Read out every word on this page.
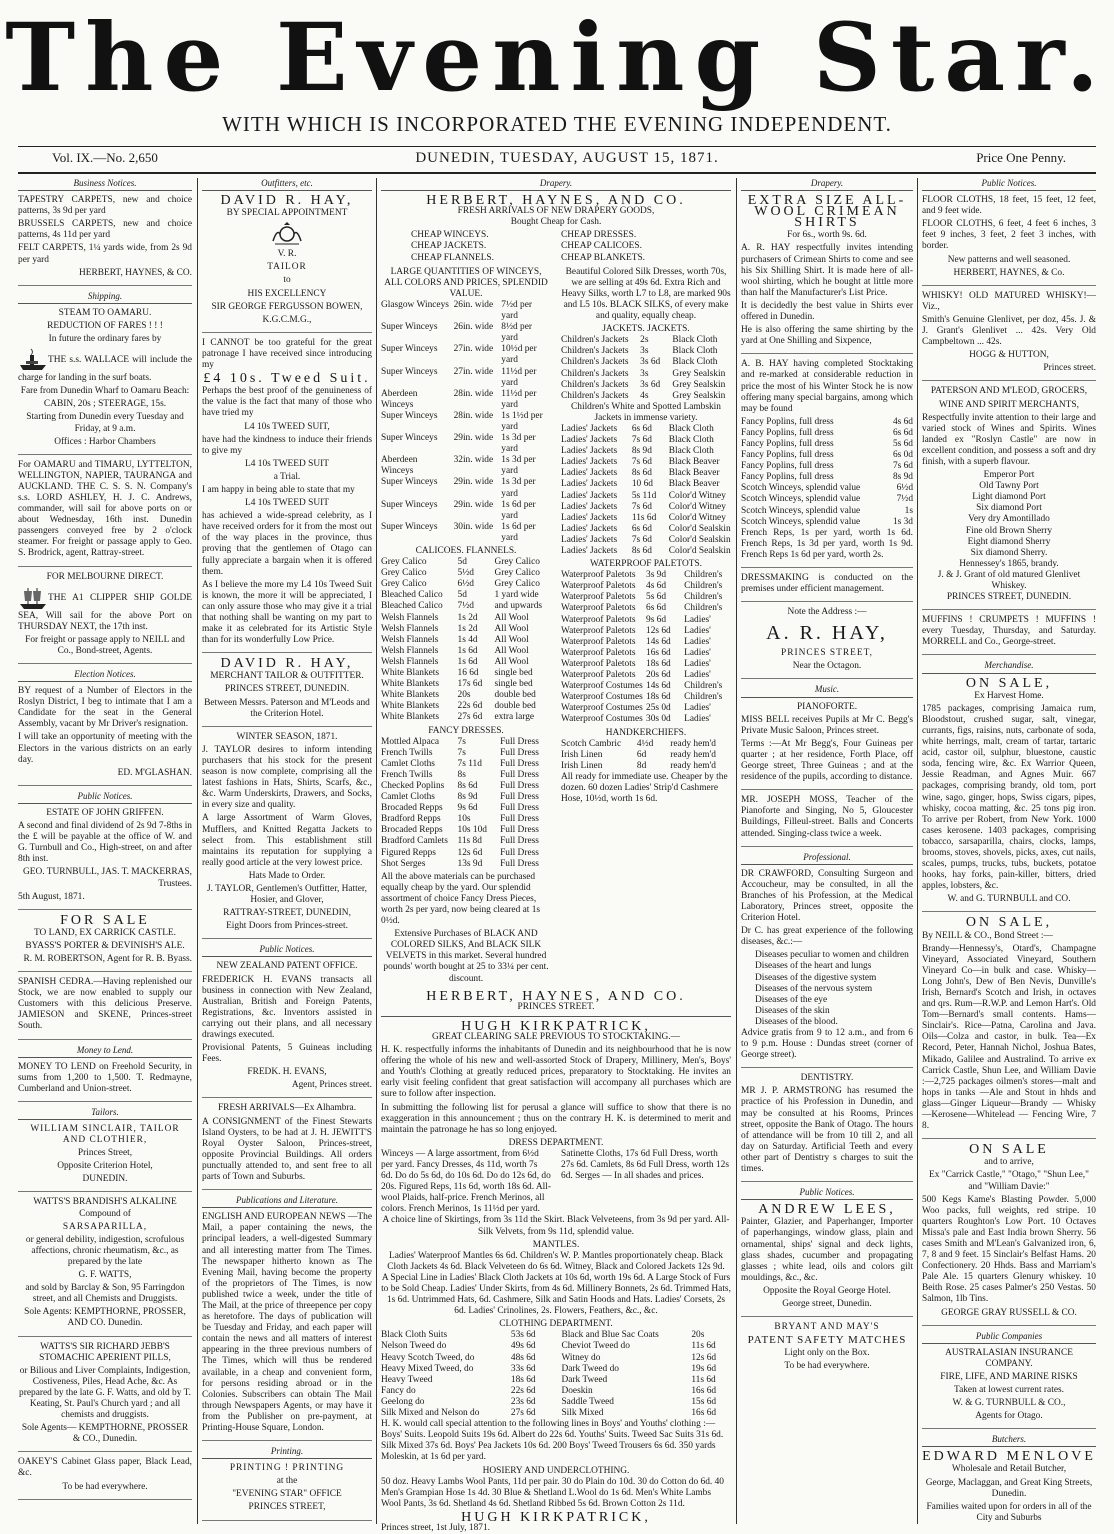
The Evening Star.
WITH WHICH IS INCORPORATED THE EVENING INDEPENDENT.
Vol. IX.—No. 2,650	DUNEDIN, TUESDAY, AUGUST 15, 1871.	Price One Penny.
Business Notices.

TAPESTRY CARPETS, new and choice patterns, 3s 9d per yard

BRUSSELS CARPETS, new and choice patterns, 4s 11d per yard

FELT CARPETS, 1¼ yards wide, from 2s 9d per yard

HERBERT, HAYNES, & CO.

Shipping.

STEAM TO OAMARU.

REDUCTION OF FARES ! ! !

In future the ordinary fares by

THE s.s. WALLACE will include the charge for landing in the surf boats.

Fare from Dunedin Wharf to Oamaru Beach:

CABIN, 20s ; STEERAGE, 15s.

Starting from Dunedin every Tuesday and Friday, at 9 a.m.

Offices : Harbor Chambers

For OAMARU and TIMARU, LYTTELTON, WELLINGTON, NAPIER, TAURANGA and AUCKLAND. THE C. S. S. N. Company's s.s. LORD ASHLEY, H. J. C. Andrews, commander, will sail for above ports on or about Wednesday, 16th inst. Dunedin passengers conveyed free by 2 o'clock steamer. For freight or passage apply to Geo. S. Brodrick, agent, Rattray-street.

FOR MELBOURNE DIRECT.

THE A1 CLIPPER SHIP GOLDE SEA, Will sail for the above Port on THURSDAY NEXT, the 17th inst.

For freight or passage apply to NEILL and Co., Bond-street, Agents.

Election Notices.

BY request of a Number of Electors in the Roslyn District, I beg to intimate that I am a Candidate for the seat in the General Assembly, vacant by Mr Driver's resignation.

I will take an opportunity of meeting with the Electors in the various districts on an early day.

ED. M'GLASHAN.

Public Notices.

ESTATE OF JOHN GRIFFEN.

A second and final dividend of 2s 9d 7-8ths in the £ will be payable at the office of W. and G. Turnbull and Co., High-street, on and after 8th inst.

GEO. TURNBULL, JAS. T. MACKERRAS, Trustees.

5th August, 1871.

FOR SALE

TO LAND, EX CARRICK CASTLE.

BYASS'S PORTER & DEVINISH'S ALE.

R. M. ROBERTSON, Agent for R. B. Byass.

SPANISH CEDRA.—Having replenished our Stock, we are now enabled to supply our Customers with this delicious Preserve. JAMIESON and SKENE, Princes-street South.

Money to Lend.

MONEY TO LEND on Freehold Security, in sums from 1,200 to 1,500. T. Redmayne, Cumberland and Union-street.

Tailors.

WILLIAM SINCLAIR, TAILOR AND CLOTHIER,

Princes Street,

Opposite Criterion Hotel,

DUNEDIN.

WATTS'S BRANDISH'S ALKALINE Compound of

SARSAPARILLA,

or general debility, indigestion, scrofulous affections, chronic rheumatism, &c., as prepared by the late

G. F. WATTS,

and sold by Barclay & Son, 95 Farringdon street, and all Chemists and Druggists.

Sole Agents: KEMPTHORNE, PROSSER, AND CO. Dunedin.

WATTS'S SIR RICHARD JEBB'S STOMACHIC APERIENT PILLS,

or Bilious and Liver Complaints, Indigestion, Costiveness, Piles, Head Ache, &c. As prepared by the late G. F. Watts, and old by T. Keating, St. Paul's Church yard ; and all chemists and druggists.

Sole Agents— KEMPTHORNE, PROSSER & CO., Dunedin.

OAKEY'S Cabinet Glass paper, Black Lead, &c.

To be had everywhere.

Outfitters, etc.

DAVID R. HAY,

BY SPECIAL APPOINTMENT

V. R.

TAILOR

to

HIS EXCELLENCY

SIR GEORGE FERGUSSON BOWEN,

K.G.C.M.G.,

I CANNOT be too grateful for the great patronage I have received since introducing my

£4 10s. Tweed Suit.

Perhaps the best proof of the genuineness of the value is the fact that many of those who have tried my

L4 10s TWEED SUIT,

have had the kindness to induce their friends to give my

L4 10s TWEED SUIT

a Trial.

I am happy in being able to state that my

L4 10s TWEED SUIT

has achieved a wide-spread celebrity, as I have received orders for it from the most out of the way places in the province, thus proving that the gentlemen of Otago can fully appreciate a bargain when it is offered them.

As I believe the more my L4 10s Tweed Suit is known, the more it will be appreciated, I can only assure those who may give it a trial that nothing shall be wanting on my part to make it as celebrated for its Artistic Style than for its wonderfully Low Price.

DAVID R. HAY,

MERCHANT TAILOR & OUTFITTER.

PRINCES STREET, DUNEDIN.

Between Messrs. Paterson and M'Leods and the Criterion Hotel.

WINTER SEASON, 1871.

J. TAYLOR desires to inform intending purchasers that his stock for the present season is now complete, comprising all the latest fashions in Hats, Shirts, Scarfs, &c., &c. Warm Underskirts, Drawers, and Socks, in every size and quality.

A large Assortment of Warm Gloves, Mufflers, and Knitted Regatta Jackets to select from. This establishment still maintains its reputation for supplying a really good article at the very lowest price.

Hats Made to Order.

J. TAYLOR, Gentlemen's Outfitter, Hatter, Hosier, and Glover,

RATTRAY-STREET, DUNEDIN,

Eight Doors from Princes-street.

Public Notices.

NEW ZEALAND PATENT OFFICE.

FREDERICK H. EVANS transacts all business in connection with New Zealand, Australian, British and Foreign Patents, Registrations, &c. Inventors assisted in carrying out their plans, and all necessary drawings executed.

Provisional Patents, 5 Guineas including Fees.

FREDK. H. EVANS,

Agent, Princes street.

FRESH ARRIVALS—Ex Alhambra.

A CONSIGNMENT of the Finest Stewarts Island Oysters, to be had at J. H. JEWITT'S Royal Oyster Saloon, Princes-street, opposite Provincial Buildings. All orders punctually attended to, and sent free to all parts of Town and Suburbs.

Publications and Literature.

ENGLISH AND EUROPEAN NEWS —The Mail, a paper containing the news, the principal leaders, a well-digested Summary and all interesting matter from The Times. The newspaper hitherto known as The Evening Mail, having become the property of the proprietors of The Times, is now published twice a week, under the title of The Mail, at the price of threepence per copy as heretofore. The days of publication will be Tuesday and Friday, and each paper will contain the news and all matters of interest appearing in the three previous numbers of The Times, which will thus be rendered available, in a cheap and convenient form, for persons residing abroad or in the Colonies. Subscribers can obtain The Mail through Newspapers Agents, or may have it from the Publisher on pre-payment, at Printing-House Square, London.

Printing.

PRINTING ! PRINTING

at the

"EVENING STAR" OFFICE

PRINCES STREET,

Drapery.

HERBERT, HAYNES, AND CO.

FRESH ARRIVALS OF NEW DRAPERY GOODS,

Bought Cheap for Cash.

CHEAP WINCEYS.	CHEAP DRESSES.
CHEAP JACKETS.	CHEAP CALICOES.
CHEAP FLANNELS.	CHEAP BLANKETS.

LARGE QUANTITIES OF WINCEYS, ALL COLORS AND PRICES, SPLENDID VALUE.

Glasgow Winceys 26in. wide 7½d per yard
Super Winceys	26in. wide 8½d per yard
Super Winceys	27in. wide 10½d per yard
Super Winceys	27in. wide 11½d per yard
Aberdeen Winceys
28in. wide 11½d per yard
Super Winceys	28in. wide 1s 1½d per yard
Super Winceys	29in. wide 1s 3d per yard
Aberdeen Winceys
32in. wide 1s 3d per yard
Super Winceys	29in. wide 1s 3d per yard
Super Winceys	29in. wide 1s 6d per yard
Super Winceys	30in. wide 1s 6d per yard

CALICOES. FLANNELS.

Grey Calico	5d	Grey Calico
Grey Calico	5½d	Grey Calico
Grey Calico	6½d	Grey Calico
Bleached Calico	5d	1 yard wide
Bleached Calico	7½d	and upwards
Welsh Flannels	1s 2d	All Wool
Welsh Flannels	1s 2d	All Wool
Welsh Flannels	1s 4d	All Wool
Welsh Flannels	1s 6d	All Wool
Welsh Flannels	1s 6d	All Wool
White Blankets	16 6d	single bed
White Blankets	17s 6d	single bed
White Blankets	20s	double bed
White Blankets	22s 6d	double bed
White Blankets	27s 6d	extra large

FANCY DRESSES.

Mottled Alpaca	7s	Full Dress
French Twills	7s	Full Dress
Camlet Cloths	7s 11d	Full Dress
French Twills	8s	Full Dress
Checked Poplins	8s 6d	Full Dress
Camlet Cloths	8s 9d	Full Dress
Brocaded Repps	9s 6d	Full Dress
Bradford Repps	10s	Full Dress
Brocaded Repps	10s 10d	Full Dress
Bradford Camlets	11s 8d	Full Dress
Figured Repps	12s 6d	Full Dress
Shot Serges	13s 9d	Full Dress

All the above materials can be purchased equally cheap by the yard. Our splendid assortment of choice Fancy Dress Pieces, worth 2s per yard, now being cleared at 1s 0½d.

Extensive Purchases of BLACK AND COLORED SILKS, And BLACK SILK VELVETS in this market. Several hundred pounds' worth bought at 25 to 33¼ per cent. discount.

Beautiful Colored Silk Dresses, worth 70s, we are selling at 49s 6d. Extra Rich and Heavy Silks, worth L7 to L8, are marked 90s and L5 10s. BLACK SILKS, of every make and quality, equally cheap.

JACKETS. JACKETS.

Children's Jackets	2s	Black Cloth
Children's Jackets	3s	Black Cloth
Children's Jackets	3s 6d	Black Cloth
Children's Jackets	3s	Grey Sealskin
Children's Jackets	3s 6d	Grey Sealskin
Children's Jackets	4s	Grey Sealskin

Children's White and Spotted Lambskin Jackets in immense variety.

Ladies' Jackets	6s 6d	Black Cloth
Ladies' Jackets	7s 6d	Black Cloth
Ladies' Jackets	8s 9d	Black Cloth
Ladies' Jackets	7s 6d	Black Beaver
Ladies' Jackets	8s 6d	Black Beaver
Ladies' Jackets	10 6d	Black Beaver
Ladies' Jackets	5s 11d	Color'd Witney
Ladies' Jackets	7s 6d	Color'd Witney
Ladies' Jackets	11s 6d	Color'd Witney
Ladies' Jackets	6s 6d	Color'd Sealskin
Ladies' Jackets	7s 6d	Color'd Sealskin
Ladies' Jackets	8s 6d	Color'd Sealskin

WATERPROOF PALETOTS.

Waterproof Paletots	3s 9d	Children's
Waterproof Paletots	4s 6d	Children's
Waterproof Paletots	5s 6d	Children's
Waterproof Paletots	6s 6d	Children's
Waterproof Paletots	9s 6d	Ladies'
Waterproof Paletots	12s 6d	Ladies'
Waterproof Paletots	14s 6d	Ladies'
Waterproof Paletots	16s 6d	Ladies'
Waterproof Paletots	18s 6d	Ladies'
Waterproof Paletots	20s 6d	Ladies'
Waterproof Costumes 14s 6d	Children's
Waterproof Costumes 18s 6d	Children's
Waterproof Costumes 25s 0d	Ladies'
Waterproof Costumes 30s 0d	Ladies'

HANDKERCHIEFS.

Scotch Cambric	4½d	ready hem'd
Irish Linen	6d	ready hem'd
Irish Linen	8d	ready hem'd

All ready for immediate use. Cheaper by the dozen. 60 dozen Ladies' Strip'd Cashmere Hose, 10½d, worth 1s 6d.

HERBERT, HAYNES, AND CO.

PRINCES STREET.

HUGH KIRKPATRICK,

GREAT CLEARING SALE PREVIOUS TO STOCKTAKING.—

H. K. respectfully informs the inhabitants of Dunedin and its neighbourhood that he is now offering the whole of his new and well-assorted Stock of Drapery, Millinery, Men's, Boys' and Youth's Clothing at greatly reduced prices, preparatory to Stocktaking. He invites an early visit feeling confident that great satisfaction will accompany all purchases which are sure to follow after inspection.

In submitting the following list for perusal a glance will suffice to show that there is no exaggeration in this announcement ; thus on the contrary H. K. is determined to merit and maintain the patronage he has so long enjoyed.

DRESS DEPARTMENT.

Winceys — A large assortment, from 6½d per yard. Fancy Dresses, 4s 11d, worth 7s 6d. Do do 5s 6d, do 10s 6d. Do do 12s 6d, do 20s. Figured Reps, 11s 6d, worth 18s 6d. All-wool Plaids, half-price. French Merinos, all colors. French Merinos, 1s 11½d per yard.

Satinette Cloths, 17s 6d Full Dress, worth 27s 6d. Camlets, 8s 6d Full Dress, worth 12s 6d. Serges — In all shades and prices.

A choice line of Skirtings, from 3s 11d the Skirt. Black Velveteens, from 3s 9d per yard. All-Silk Velvets, from 9s 11d, splendid value.

MANTLES.

Ladies' Waterproof Mantles 6s 6d. Children's W. P. Mantles proportionately cheap. Black Cloth Jackets 4s 6d. Black Velveteen do 6s 6d. Witney, Black and Colored Jackets 12s 9d.

A Special Line in Ladies' Black Cloth Jackets at 10s 6d, worth 19s 6d. A Large Stock of Furs to be Sold Cheap. Ladies' Under Skirts, from 4s 6d. Millinery Bonnets, 2s 6d. Trimmed Hats, 1s 6d. Untrimmed Hats, 6d. Cashmere, Silk and Satin Hoods and Hats. Ladies' Corsets, 2s 6d. Ladies' Crinolines, 2s. Flowers, Feathers, &c., &c.

CLOTHING DEPARTMENT.

Black Cloth Suits	53s 6d	Black and Blue Sac Coats	20s
Nelson Tweed do	49s 6d	Cheviot Tweed do	11s 6d
Heavy Scotch Tweed, do	48s 6d	Witney do	12s 6d
Heavy Mixed Tweed, do	33s 6d	Dark Tweed do	19s 6d
Heavy Tweed	18s 6d	Dark Tweed	11s 6d
Fancy do	22s 6d	Doeskin	16s 6d
Geelong do	23s 6d	Saddle Tweed	15s 6d
Silk Mixed and Nelson do	27s 6d	Silk Mixed	16s 6d

H. K. would call special attention to the following lines in Boys' and Youths' clothing :— Boys' Suits. Leopold Suits 19s 6d. Albert do 22s 6d. Youths' Suits. Tweed Sac Suits 31s 6d. Silk Mixed 37s 6d. Boys' Pea Jackets 10s 6d. 200 Boys' Tweed Trousers 6s 6d. 350 yards Moleskin, at 1s 6d per yard.

HOSIERY AND UNDERCLOTHING.

50 doz. Heavy Lambs Wool Pants, 11d per pair. 30 do Plain do 10d. 30 do Cotton do 6d. 40 Men's Grampian Hose 1s 4d. 30 Blue & Shetland L.Wool do 1s 6d. Men's White Lambs Wool Pants, 3s 6d. Shetland 4s 6d. Shetland Ribbed 5s 6d. Brown Cotton 2s 11d.

HUGH KIRKPATRICK,

Princes street, 1st July, 1871.

Drapery.

EXTRA SIZE ALL-WOOL CRIMEAN SHIRTS

For 6s., worth 9s. 6d.

A. R. HAY respectfully invites intending purchasers of Crimean Shirts to come and see his Six Shilling Shirt. It is made here of all-wool shirting, which he bought at little more than half the Manufacturer's List Price.

It is decidedly the best value in Shirts ever offered in Dunedin.

He is also offering the same shirting by the yard at One Shilling and Sixpence,

A. B. HAY having completed Stocktaking and re-marked at considerable reduction in price the most of his Winter Stock he is now offering many special bargains, among which may be found

Fancy Poplins, full dress	4s 6d
Fancy Poplins, full dress	6s 6d
Fancy Poplins, full dress	5s 6d
Fancy Poplins, full dress	6s 0d
Fancy Poplins, full dress	7s 6d
Fancy Poplins, full dress	8s 9d
Scotch Winceys, splendid value	6½d
Scotch Winceys, splendid value	7½d
Scotch Winceys, splendid value	1s
Scotch Winceys, splendid value	1s 3d

French Reps, 1s per yard, worth 1s 6d. French Reps, 1s 3d per yard, worth 1s 9d. French Reps 1s 6d per yard, worth 2s.

DRESSMAKING is conducted on the premises under efficient management.

Note the Address :—

A. R. HAY,

PRINCES STREET,

Near the Octagon.

Music.

PIANOFORTE.

MISS BELL receives Pupils at Mr C. Begg's Private Music Saloon, Princes street.

Terms :—At Mr Begg's, Four Guineas per quarter ; at her residence, Forth Place, off George street, Three Guineas ; and at the residence of the pupils, according to distance.

MR. JOSEPH MOSS, Teacher of the Pianoforte and Singing, No 5, Gloucester Buildings, Filleul-street. Balls and Concerts attended. Singing-class twice a week.

Professional.

DR CRAWFORD, Consulting Surgeon and Accoucheur, may be consulted, in all the Branches of his Profession, at the Medical Laboratory, Princes street, opposite the Criterion Hotel.

Dr C. has great experience of the following diseases, &c.:—

Diseases peculiar to women and children
Diseases of the heart and lungs
Diseases of the digestive system
Diseases of the nervous system
Diseases of the eye
Diseases of the skin
Diseases of the blood.

Advice gratis from 9 to 12 a.m., and from 6 to 9 p.m. House : Dundas street (corner of George street).

DENTISTRY.

MR J. P. ARMSTRONG has resumed the practice of his Profession in Dunedin, and may be consulted at his Rooms, Princes street, opposite the Bank of Otago. The hours of attendance will be from 10 till 2, and all day on Saturday. Artificial Teeth and every other part of Dentistry s charges to suit the times.

Public Notices.

ANDREW LEES,

Painter, Glazier, and Paperhanger, Importer of paperhangings, window glass, plain and ornamental, ships' signal and deck lights, glass shades, cucumber and propagating glasses ; white lead, oils and colors gilt mouldings, &c., &c.

Opposite the Royal George Hotel.

George street, Dunedin.

BRYANT AND MAY'S

PATENT SAFETY MATCHES

Light only on the Box.

To be had everywhere.

Public Notices.

FLOOR CLOTHS, 18 feet, 15 feet, 12 feet, and 9 feet wide.

FLOOR CLOTHS, 6 feet, 4 feet 6 inches, 3 feet 9 inches, 3 feet, 2 feet 3 inches, with border.

New patterns and well seasoned.

HERBERT, HAYNES, & Co.

WHISKY! OLD MATURED WHISKY!—Viz.,

Smith's Genuine Glenlivet, per doz, 45s. J. & J. Grant's Glenlivet ... 42s. Very Old Campbeltown ... 42s.

HOGG & HUTTON,

Princes street.

PATERSON AND M'LEOD, GROCERS,

WINE AND SPIRIT MERCHANTS,

Respectfully invite attention to their large and varied stock of Wines and Spirits. Wines landed ex "Roslyn Castle" are now in excellent condition, and possess a soft and dry finish, with a superb flavour.

Emperor Port
Old Tawny Port
Light diamond Port
Six diamond Port
Very dry Amontillado
Fine old Brown Sherry
Eight diamond Sherry
Six diamond Sherry.
Hennessey's 1865, brandy.
J. & J. Grant of old matured Glenlivet Whiskey.

PRINCES STREET, DUNEDIN.

MUFFINS ! CRUMPETS ! MUFFINS ! every Tuesday, Thursday, and Saturday. MORRELL and Co., George-street.

Merchandise.

ON SALE,

Ex Harvest Home.

1785 packages, comprising Jamaica rum, Bloodstout, crushed sugar, salt, vinegar, currants, figs, raisins, nuts, carbonate of soda, white herrings, malt, cream of tartar, tartaric acid, castor oil, sulphur, bluestone, caustic soda, fencing wire, &c. Ex Warrior Queen, Jessie Readman, and Agnes Muir. 667 packages, comprising brandy, old tom, port wine, sago, ginger, hops, Swiss cigars, pipes, whisky, cocoa matting, &c. 25 tons pig iron. To arrive per Robert, from New York. 1000 cases kerosene. 1403 packages, comprising tobacco, sarsaparilla, chairs, clocks, lamps, brooms, stoves, shovels, picks, axes, cut nails, scales, pumps, trucks, tubs, buckets, potatoe hooks, hay forks, pain-killer, bitters, dried apples, lobsters, &c.

W. and G. TURNBULL and CO.

ON SALE,

By NEILL & CO., Bond Street :—

Brandy—Hennessy's, Otard's, Champagne Vineyard, Associated Vineyard, Southern Vineyard Co—in bulk and case. Whisky—Long John's, Dew of Ben Nevis, Dunville's Irish, Bernard's Scotch and Irish, in octaves and qrs. Rum—R.W.P. and Lemon Hart's. Old Tom—Bernard's small contents. Hams—Sinclair's. Rice—Patna, Carolina and Java. Oils—Colza and castor, in bulk. Tea—Ex Record, Peter, Hannah Nichol, Joshua Bates, Mikado, Galilee and Australind. To arrive ex Carrick Castle, Shun Lee, and William Davie :—2,725 packages oilmen's stores—malt and hops in tanks —Ale and Stout in hhds and glass—Ginger Liqueur—Brandy — Whisky—Kerosene—Whitelead — Fencing Wire, 7 8.

ON SALE

and to arrive,

Ex "Carrick Castle," "Otago," "Shun Lee," and "William Davie:"

500 Kegs Kame's Blasting Powder. 5,000 Woo packs, full weights, red stripe. 10 quarters Roughton's Low Port. 10 Octaves Missa's pale and East India brown Sherry. 56 cases Smith and M'Lean's Galvanized iron, 6, 7, 8 and 9 feet. 15 Sinclair's Belfast Hams. 20 Confectionery. 20 Hhds. Bass and Marriam's Pale Ale. 15 quarters Glenury whiskey. 10 Beith Rose. 25 cases Palmer's 250 Vestas. 50 Salmon, 1lb Tins.

GEORGE GRAY RUSSELL & CO.

Public Companies

AUSTRALASIAN INSURANCE COMPANY.

FIRE, LIFE, AND MARINE RISKS

Taken at lowest current rates.

W. & G. TURNBULL & CO.,

Agents for Otago.

Butchers.

EDWARD MENLOVE

Wholesale and Retail Butcher,

George, Maclaggan, and Great King Streets, Dunedin.

Families waited upon for orders in all of the City and Suburbs
